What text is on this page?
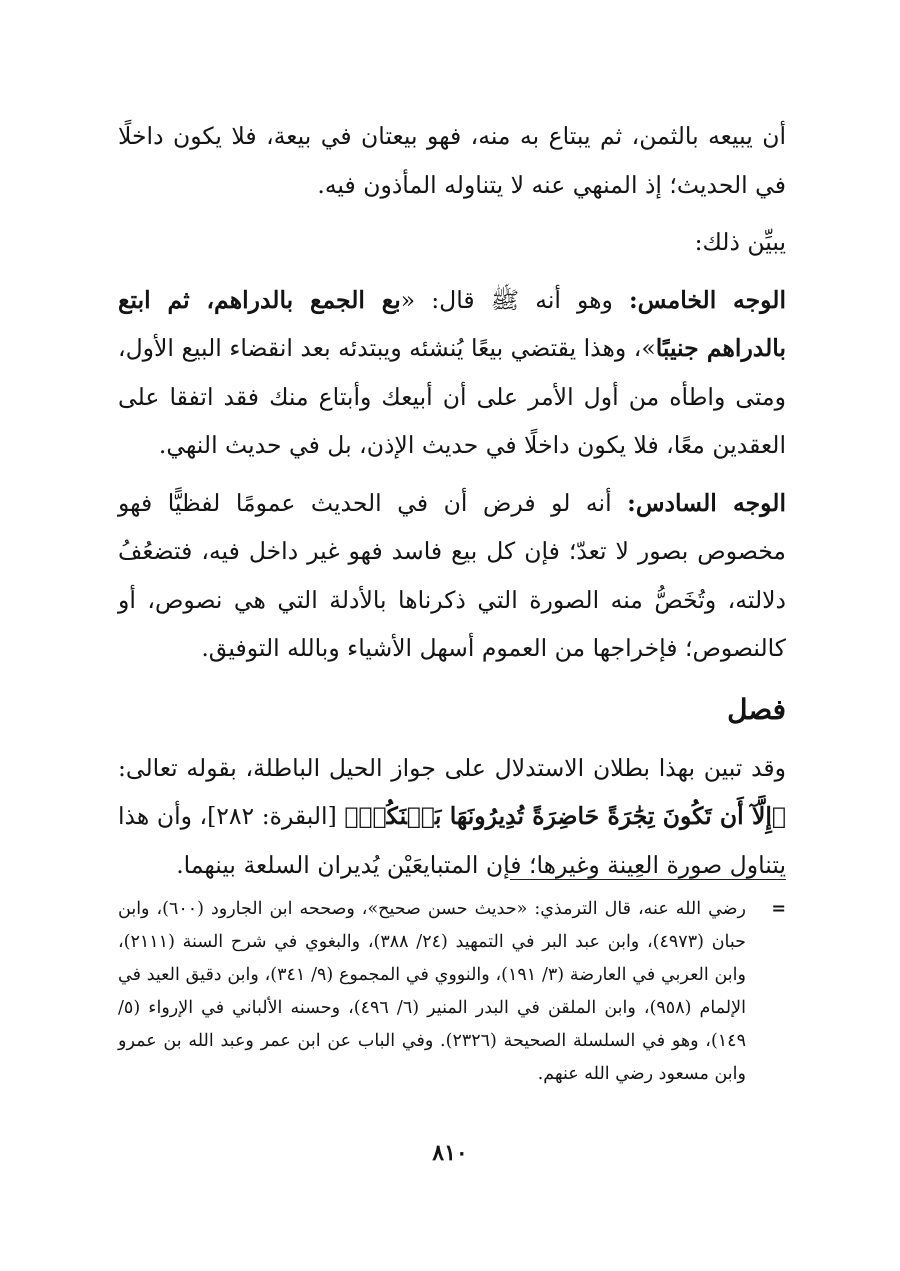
أن يبيعه بالثمن، ثم يبتاع به منه، فهو بيعتان في بيعة، فلا يكون داخلًا في الحديث؛ إذ المنهي عنه لا يتناوله المأذون فيه.

يبيِّن ذلك:

الوجه الخامس: وهو أنه ﷺ قال: «بع الجمع بالدراهم، ثم ابتع بالدراهم جنيبًا»، وهذا يقتضي بيعًا يُنشئه ويبتدئه بعد انقضاء البيع الأول، ومتى واطأه من أول الأمر على أن أبيعك وأبتاع منك فقد اتفقا على العقدين معًا، فلا يكون داخلًا في حديث الإذن، بل في حديث النهي.

الوجه السادس: أنه لو فرض أن في الحديث عمومًا لفظيًّا فهو مخصوص بصور لا تعدّ؛ فإن كل بيع فاسد فهو غير داخل فيه، فتضعُفُ دلالته، وتُخَصُّ منه الصورة التي ذكرناها بالأدلة التي هي نصوص، أو كالنصوص؛ فإخراجها من العموم أسهل الأشياء وبالله التوفيق.

فصل

وقد تبين بهذا بطلان الاستدلال على جواز الحيل الباطلة، بقوله تعالى: ﴿إِلَّآ أَن تَكُونَ تِجَٰرَةً حَاضِرَةً تُدِيرُونَهَا بَيۡنَكُمۡ﴾ [البقرة: ٢٨٢]، وأن هذا يتناول صورة العِينة وغيرها؛ فإن المتبايعَيْن يُديران السلعة بينهما.

=
رضي الله عنه، قال الترمذي: «حديث حسن صحيح»، وصححه ابن الجارود (٦٠٠)، وابن حبان (٤٩٧٣)، وابن عبد البر في التمهيد (٢٤/ ٣٨٨)، والبغوي في شرح السنة (٢١١١)، وابن العربي في العارضة (٣/ ١٩١)، والنووي في المجموع (٩/ ٣٤١)، وابن دقيق العيد في الإلمام (٩٥٨)، وابن الملقن في البدر المنير (٦/ ٤٩٦)، وحسنه الألباني في الإرواء (٥/ ١٤٩)، وهو في السلسلة الصحيحة (٢٣٢٦). وفي الباب عن ابن عمر وعبد الله بن عمرو وابن مسعود رضي الله عنهم.
٨١٠
